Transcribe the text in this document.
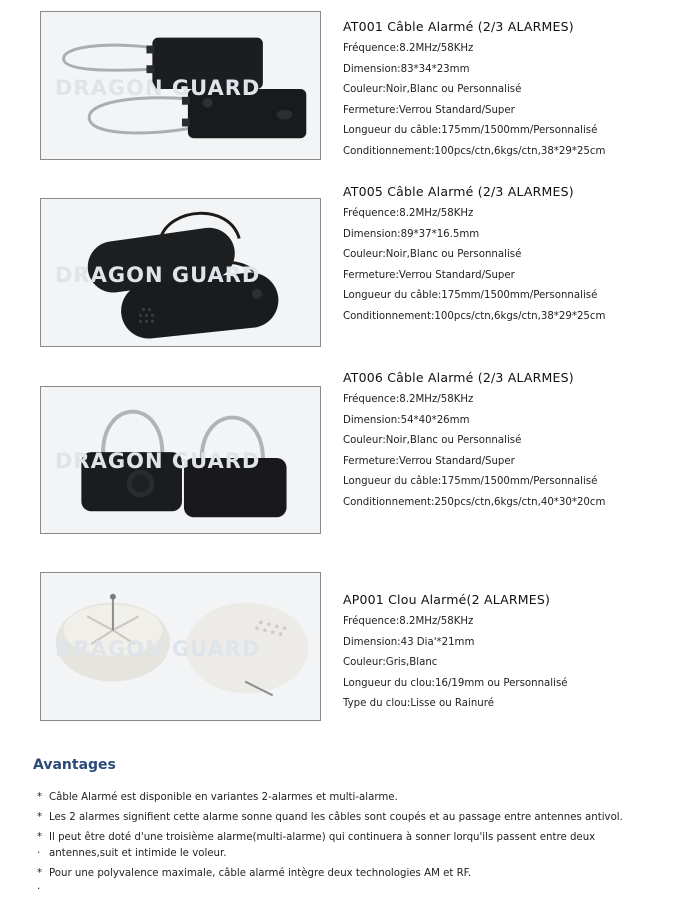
DRAGON GUARD
AT001 Câble Alarmé (2/3 ALARMES)
Fréquence:8.2MHz/58KHz
Dimension:83*34*23mm
Couleur:Noir,Blanc ou Personnalisé
Fermeture:Verrou Standard/Super
Longueur du câble:175mm/1500mm/Personnalisé
Conditionnement:100pcs/ctn,6kgs/ctn,38*29*25cm
DRAGON GUARD
AT005 Câble Alarmé (2/3 ALARMES)
Fréquence:8.2MHz/58KHz
Dimension:89*37*16.5mm
Couleur:Noir,Blanc ou Personnalisé
Fermeture:Verrou Standard/Super
Longueur du câble:175mm/1500mm/Personnalisé
Conditionnement:100pcs/ctn,6kgs/ctn,38*29*25cm
DRAGON GUARD
AT006 Câble Alarmé (2/3 ALARMES)
Fréquence:8.2MHz/58KHz
Dimension:54*40*26mm
Couleur:Noir,Blanc ou Personnalisé
Fermeture:Verrou Standard/Super
Longueur du câble:175mm/1500mm/Personnalisé
Conditionnement:250pcs/ctn,6kgs/ctn,40*30*20cm
DRAGON GUARD
AP001 Clou Alarmé(2 ALARMES)
Fréquence:8.2MHz/58KHz
Dimension:43 Dia'*21mm
Couleur:Gris,Blanc
Longueur du clou:16/19mm ou Personnalisé
Type du clou:Lisse ou Rainuré
Avantages
* Câble Alarmé est disponible en variantes 2-alarmes et multi-alarme.
* Les 2 alarmes signifient cette alarme sonne quand les câbles sont coupés et au passage entre antennes antivol.
* Il peut être doté d'une troisième alarme(multi-alarme) qui continuera à sonner lorqu'ils passent entre deux
· antennes,suit et intimide le voleur.
* Pour une polyvalence maximale, câble alarmé intègre deux technologies AM et RF.
·
